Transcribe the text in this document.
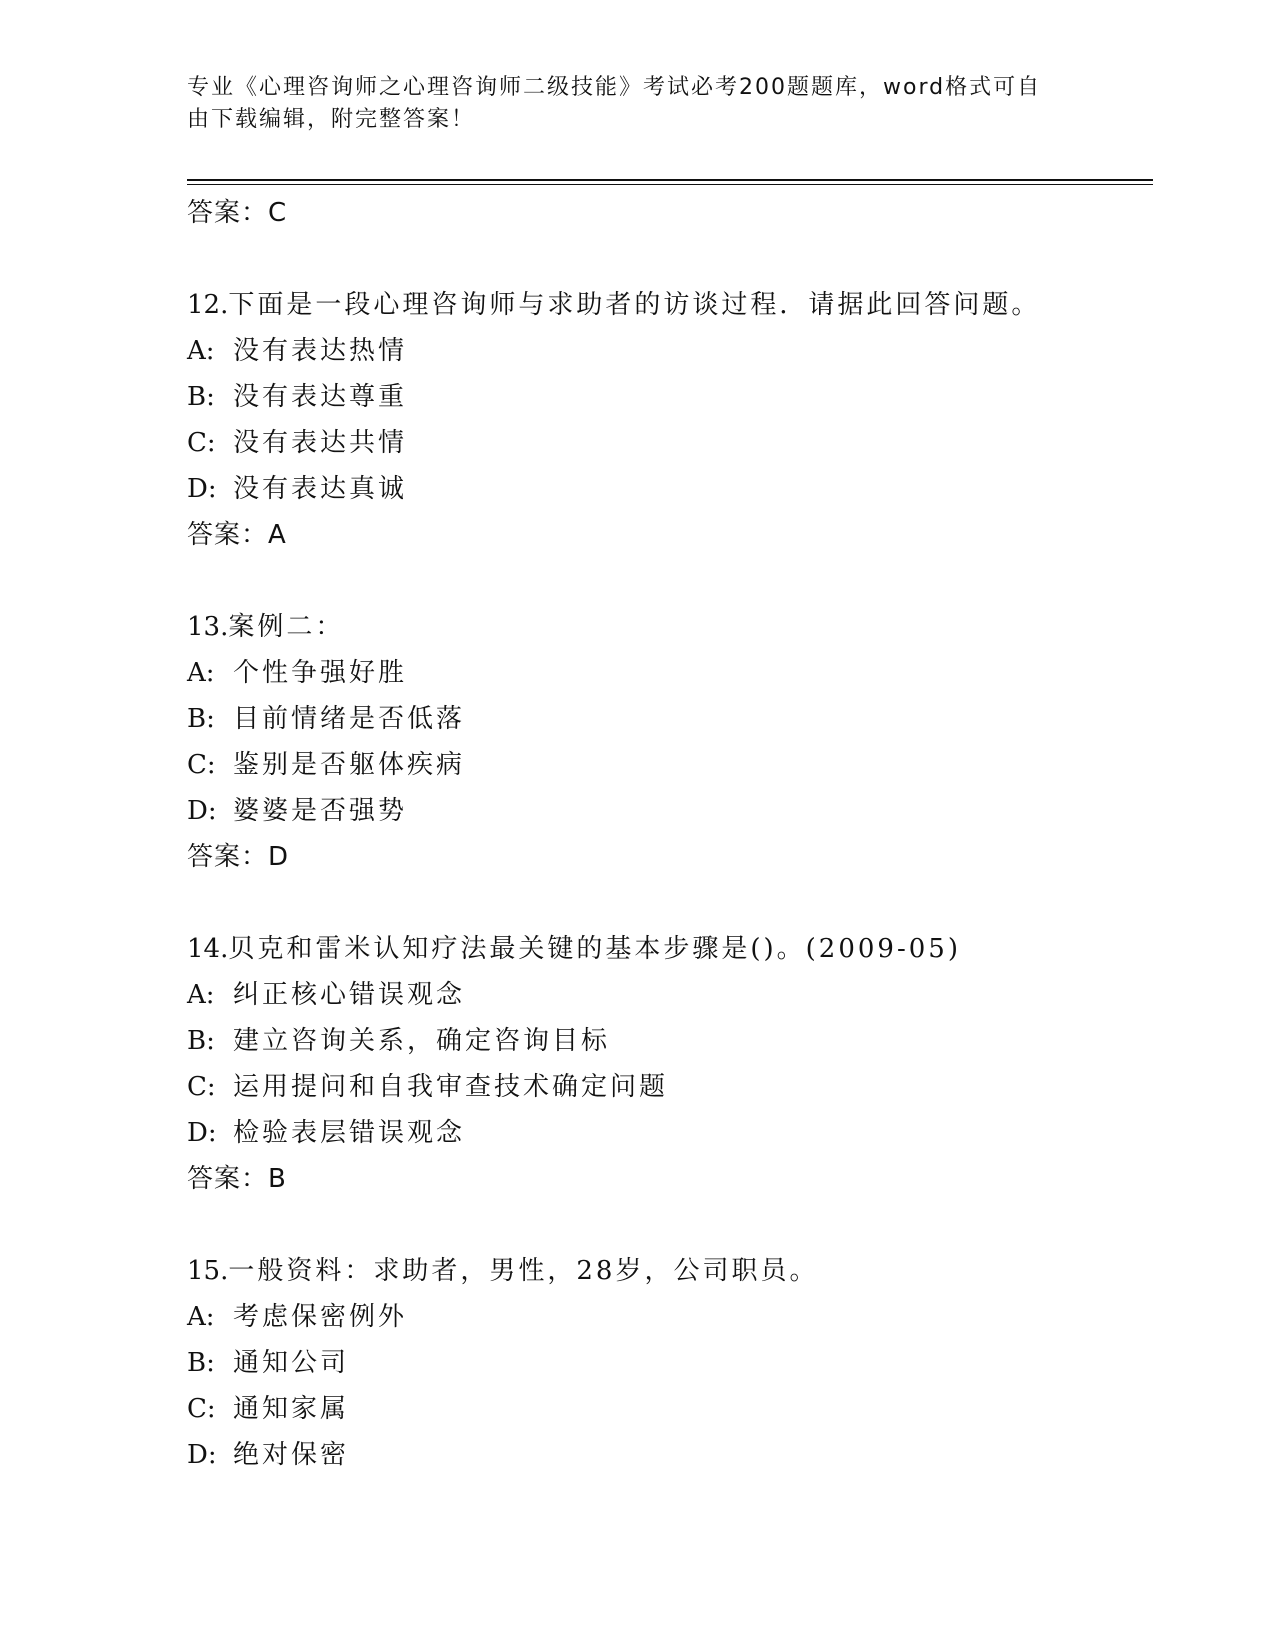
专业《心理咨询师之心理咨询师二级技能》考试必考200题题库，word格式可自
由下载编辑，附完整答案！
答案：C
12.下面是一段心理咨询师与求助者的访谈过程．请据此回答问题。
A: 没有表达热情
B: 没有表达尊重
C: 没有表达共情
D: 没有表达真诚
答案：A
13.案例二：
A: 个性争强好胜
B: 目前情绪是否低落
C: 鉴别是否躯体疾病
D: 婆婆是否强势
答案：D
14.贝克和雷米认知疗法最关键的基本步骤是()。(2009-05)
A: 纠正核心错误观念
B: 建立咨询关系，确定咨询目标
C: 运用提问和自我审查技术确定问题
D: 检验表层错误观念
答案：B
15.一般资料：求助者，男性，28岁，公司职员。
A: 考虑保密例外
B: 通知公司
C: 通知家属
D: 绝对保密
